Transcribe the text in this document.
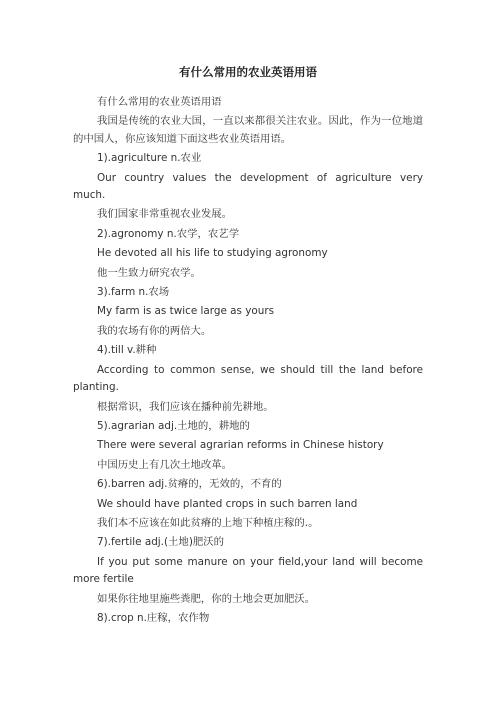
有什么常用的农业英语用语

有什么常用的农业英语用语

我国是传统的农业大国，一直以来都很关注农业。因此，作为一位地道的中国人，你应该知道下面这些农业英语用语。

1).agriculture n.农业

Our country values the development of agriculture very much.

我们国家非常重视农业发展。

2).agronomy n.农学，农艺学

He devoted all his life to studying agronomy

他一生致力研究农学。

3).farm n.农场

My farm is as twice large as yours

我的农场有你的两倍大。

4).till v.耕种

According to common sense, we should till the land before planting.

根据常识，我们应该在播种前先耕地。

5).agrarian adj.土地的，耕地的

There were several agrarian reforms in Chinese history

中国历史上有几次土地改革。

6).barren adj.贫瘠的，无效的，不育的

We should have planted crops in such barren land

我们本不应该在如此贫瘠的上地下种植庄稼的.。

7).fertile adj.(土地)肥沃的

If you put some manure on your field,your land will become more fertile

如果你往地里施些粪肥，你的土地会更加肥沃。

8).crop n.庄稼，农作物
